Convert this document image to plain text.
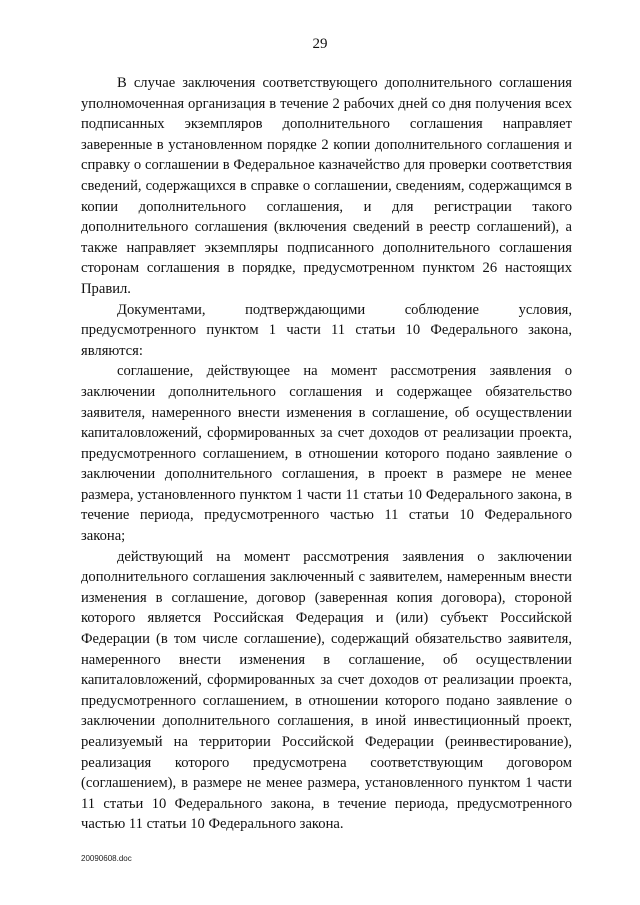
29

В случае заключения соответствующего дополнительного соглашения уполномоченная организация в течение 2 рабочих дней со дня получения всех подписанных экземпляров дополнительного соглашения направляет заверенные в установленном порядке 2 копии дополнительного соглашения и справку о соглашении в Федеральное казначейство для проверки соответствия сведений, содержащихся в справке о соглашении, сведениям, содержащимся в копии дополнительного соглашения, и для регистрации такого дополнительного соглашения (включения сведений в реестр соглашений), а также направляет экземпляры подписанного дополнительного соглашения сторонам соглашения в порядке, предусмотренном пунктом 26 настоящих Правил.

Документами, подтверждающими соблюдение условия, предусмотренного пунктом 1 части 11 статьи 10 Федерального закона, являются:

соглашение, действующее на момент рассмотрения заявления о заключении дополнительного соглашения и содержащее обязательство заявителя, намеренного внести изменения в соглашение, об осуществлении капиталовложений, сформированных за счет доходов от реализации проекта, предусмотренного соглашением, в отношении которого подано заявление о заключении дополнительного соглашения, в проект в размере не менее размера, установленного пунктом 1 части 11 статьи 10 Федерального закона, в течение периода, предусмотренного частью 11 статьи 10 Федерального закона;

действующий на момент рассмотрения заявления о заключении дополнительного соглашения заключенный с заявителем, намеренным внести изменения в соглашение, договор (заверенная копия договора), стороной которого является Российская Федерация и (или) субъект Российской Федерации (в том числе соглашение), содержащий обязательство заявителя, намеренного внести изменения в соглашение, об осуществлении капиталовложений, сформированных за счет доходов от реализации проекта, предусмотренного соглашением, в отношении которого подано заявление о заключении дополнительного соглашения, в иной инвестиционный проект, реализуемый на территории Российской Федерации (реинвестирование), реализация которого предусмотрена соответствующим договором (соглашением), в размере не менее размера, установленного пунктом 1 части 11 статьи 10 Федерального закона, в течение периода, предусмотренного частью 11 статьи 10 Федерального закона.

20090608.doc
